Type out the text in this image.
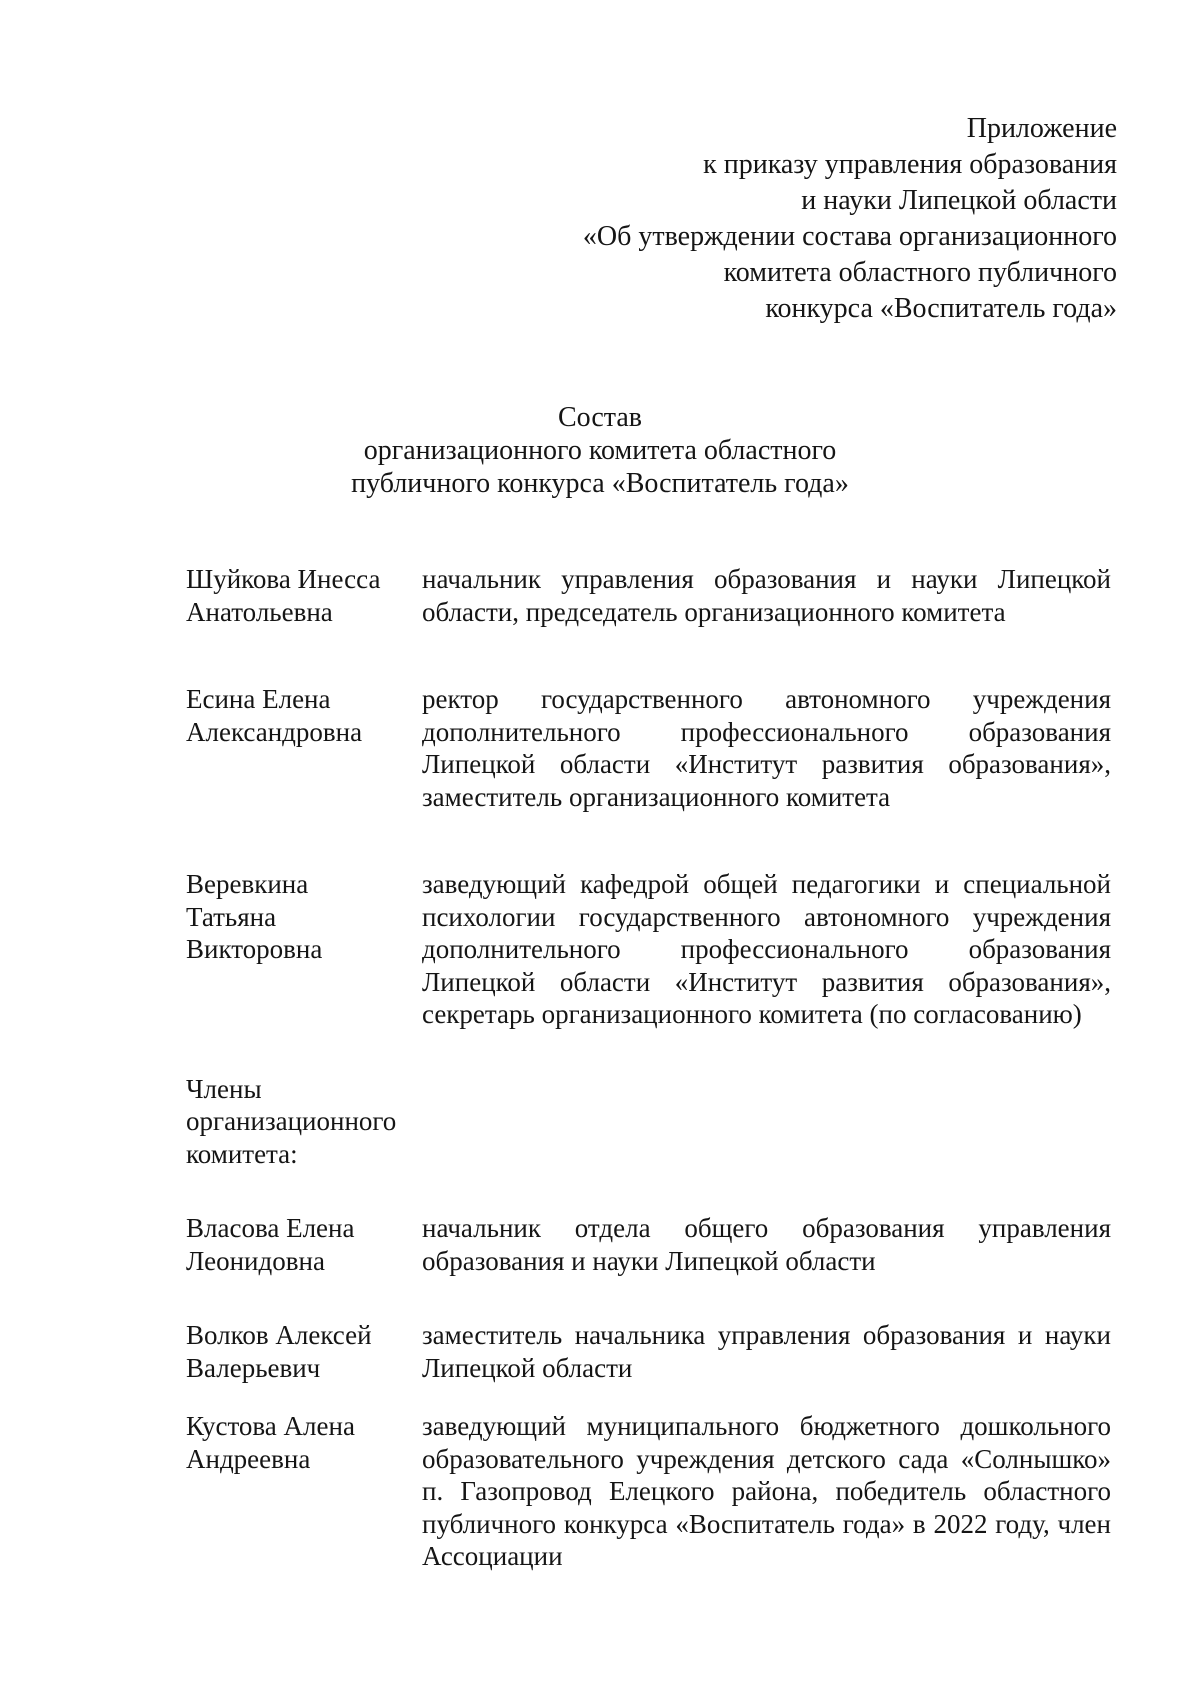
Приложение
к приказу управления образования
и науки Липецкой области
«Об утверждении состава организационного
комитета областного публичного
конкурса «Воспитатель года»
Состав
организационного комитета областного
публичного конкурса «Воспитатель года»
Шуйкова Инесса
Анатольевна
начальник управления образования и науки Липецкой области, председатель организационного комитета
Есина Елена
Александровна
ректор государственного автономного учреждения дополнительного профессионального образования Липецкой области «Институт развития образования», заместитель организационного комитета
Веревкина
Татьяна
Викторовна
заведующий кафедрой общей педагогики и специальной психологии государственного автономного учреждения дополнительного профессионального образования Липецкой области «Институт развития образования», секретарь организационного комитета (по согласованию)
Члены
организационного
комитета:
Власова Елена
Леонидовна
начальник отдела общего образования управления образования и науки Липецкой области
Волков Алексей
Валерьевич
заместитель начальника управления образования и науки Липецкой области
Кустова Алена
Андреевна
заведующий муниципального бюджетного дошкольного образовательного учреждения детского сада «Солнышко» п. Газопровод Елецкого района, победитель областного публичного конкурса «Воспитатель года» в 2022 году, член Ассоциации
